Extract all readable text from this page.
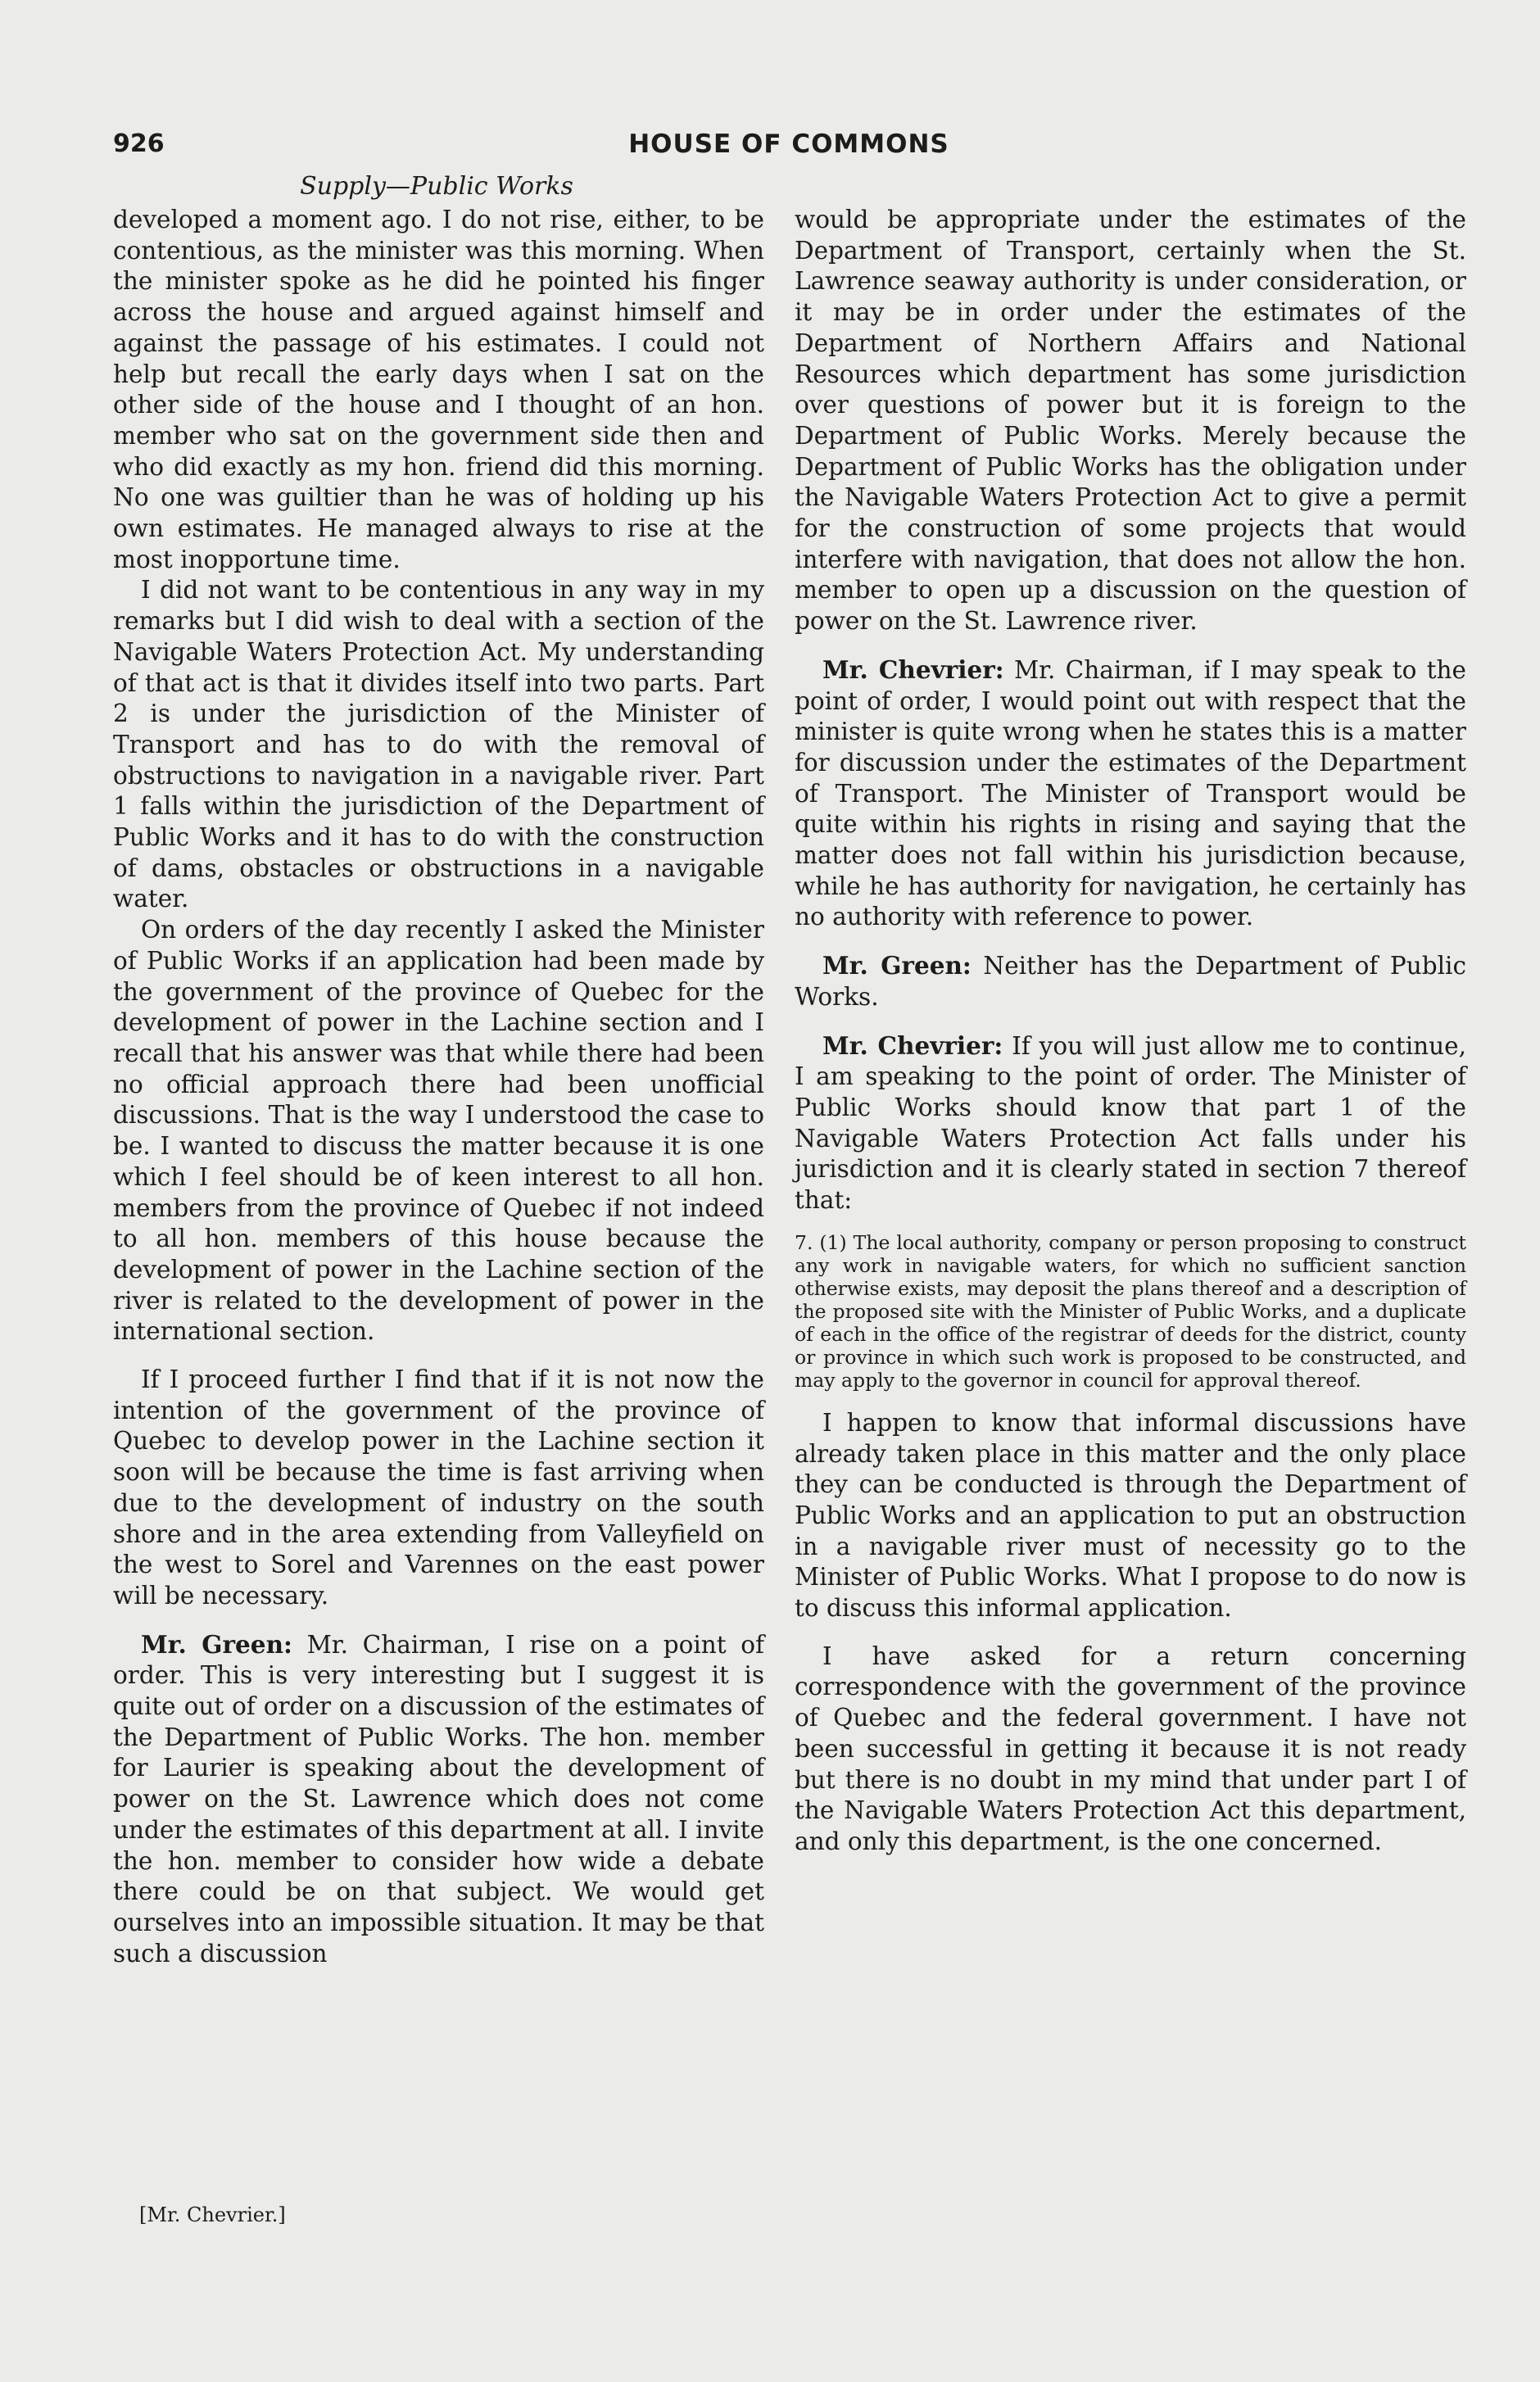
926	HOUSE OF COMMONS
Supply—Public Works

developed a moment ago. I do not rise, either, to be contentious, as the minister was this morning. When the minister spoke as he did he pointed his finger across the house and argued against himself and against the passage of his estimates. I could not help but recall the early days when I sat on the other side of the house and I thought of an hon. member who sat on the government side then and who did exactly as my hon. friend did this morning. No one was guiltier than he was of holding up his own estimates. He managed always to rise at the most inopportune time.

I did not want to be contentious in any way in my remarks but I did wish to deal with a section of the Navigable Waters Protection Act. My understanding of that act is that it divides itself into two parts. Part 2 is under the jurisdiction of the Minister of Transport and has to do with the removal of obstructions to navigation in a navigable river. Part 1 falls within the jurisdiction of the Department of Public Works and it has to do with the construction of dams, obstacles or obstructions in a navigable water.

On orders of the day recently I asked the Minister of Public Works if an application had been made by the government of the province of Quebec for the development of power in the Lachine section and I recall that his answer was that while there had been no official approach there had been unofficial discussions. That is the way I understood the case to be. I wanted to discuss the matter because it is one which I feel should be of keen interest to all hon. members from the province of Quebec if not indeed to all hon. members of this house because the development of power in the Lachine section of the river is related to the development of power in the international section.

If I proceed further I find that if it is not now the intention of the government of the province of Quebec to develop power in the Lachine section it soon will be because the time is fast arriving when due to the development of industry on the south shore and in the area extending from Valleyfield on the west to Sorel and Varennes on the east power will be necessary.

Mr. Green: Mr. Chairman, I rise on a point of order. This is very interesting but I suggest it is quite out of order on a discussion of the estimates of the Department of Public Works. The hon. member for Laurier is speaking about the development of power on the St. Lawrence which does not come under the estimates of this department at all. I invite the hon. member to consider how wide a debate there could be on that subject. We would get ourselves into an impossible situation. It may be that such a discussion

would be appropriate under the estimates of the Department of Transport, certainly when the St. Lawrence seaway authority is under consideration, or it may be in order under the estimates of the Department of Northern Affairs and National Resources which department has some jurisdiction over questions of power but it is foreign to the Department of Public Works. Merely because the Department of Public Works has the obligation under the Navigable Waters Protection Act to give a permit for the construction of some projects that would interfere with navigation, that does not allow the hon. member to open up a discussion on the question of power on the St. Lawrence river.

Mr. Chevrier: Mr. Chairman, if I may speak to the point of order, I would point out with respect that the minister is quite wrong when he states this is a matter for discussion under the estimates of the Department of Transport. The Minister of Transport would be quite within his rights in rising and saying that the matter does not fall within his jurisdiction because, while he has authority for navigation, he certainly has no authority with reference to power.

Mr. Green: Neither has the Department of Public Works.

Mr. Chevrier: If you will just allow me to continue, I am speaking to the point of order. The Minister of Public Works should know that part 1 of the Navigable Waters Protection Act falls under his jurisdiction and it is clearly stated in section 7 thereof that:

7. (1) The local authority, company or person proposing to construct any work in navigable waters, for which no sufficient sanction otherwise exists, may deposit the plans thereof and a description of the proposed site with the Minister of Public Works, and a duplicate of each in the office of the registrar of deeds for the district, county or province in which such work is proposed to be constructed, and may apply to the governor in council for approval thereof.

I happen to know that informal discussions have already taken place in this matter and the only place they can be conducted is through the Department of Public Works and an application to put an obstruction in a navigable river must of necessity go to the Minister of Public Works. What I propose to do now is to discuss this informal application.

I have asked for a return concerning correspondence with the government of the province of Quebec and the federal government. I have not been successful in getting it because it is not ready but there is no doubt in my mind that under part I of the Navigable Waters Protection Act this department, and only this department, is the one concerned.

[Mr. Chevrier.]
